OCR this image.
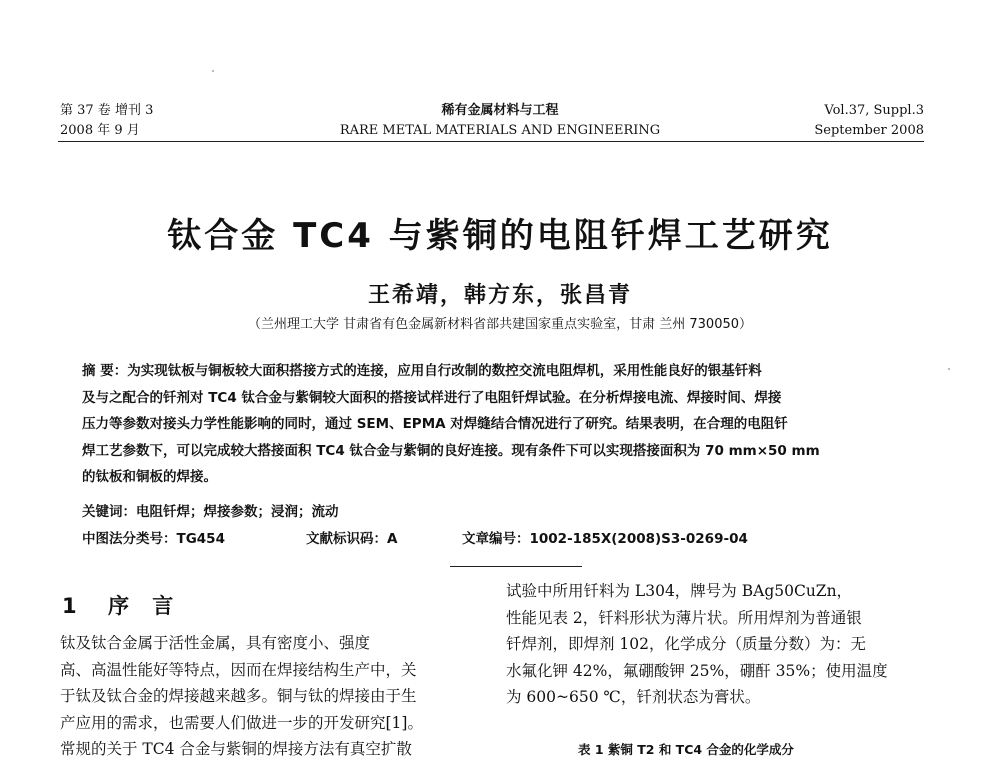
第 37 卷 增刊 3
2008 年 9 月
稀有金属材料与工程
RARE METAL MATERIALS AND ENGINEERING
Vol.37, Suppl.3
September 2008
钛合金 TC4 与紫铜的电阻钎焊工艺研究
王希靖，韩方东，张昌青
（兰州理工大学 甘肃省有色金属新材料省部共建国家重点实验室，甘肃 兰州 730050）
摘 要：为实现钛板与铜板较大面积搭接方式的连接，应用自行改制的数控交流电阻焊机，采用性能良好的银基钎料
及与之配合的钎剂对 TC4 钛合金与紫铜较大面积的搭接试样进行了电阻钎焊试验。在分析焊接电流、焊接时间、焊接
压力等参数对接头力学性能影响的同时，通过 SEM、EPMA 对焊缝结合情况进行了研究。结果表明，在合理的电阻钎
焊工艺参数下，可以完成较大搭接面积 TC4 钛合金与紫铜的良好连接。现有条件下可以实现搭接面积为 70 mm×50 mm
的钛板和铜板的焊接。
关键词：电阻钎焊；焊接参数；浸润；流动
中图法分类号：TG454	文献标识码：A	文章编号：1002-185X(2008)S3-0269-04
1 序 言
钛及钛合金属于活性金属，具有密度小、强度
高、高温性能好等特点，因而在焊接结构生产中，关
于钛及钛合金的焊接越来越多。铜与钛的焊接由于生
产应用的需求，也需要人们做进一步的开发研究[1]。
常规的关于 TC4 合金与紫铜的焊接方法有真空扩散
试验中所用钎料为 L304，牌号为 BAg50CuZn，
性能见表 2，钎料形状为薄片状。所用焊剂为普通银
钎焊剂，即焊剂 102，化学成分（质量分数）为：无
水氟化钾 42%，氟硼酸钾 25%，硼酐 35%；使用温度
为 600~650 ℃，钎剂状态为膏状。
表 1 紫铜 T2 和 TC4 合金的化学成分
